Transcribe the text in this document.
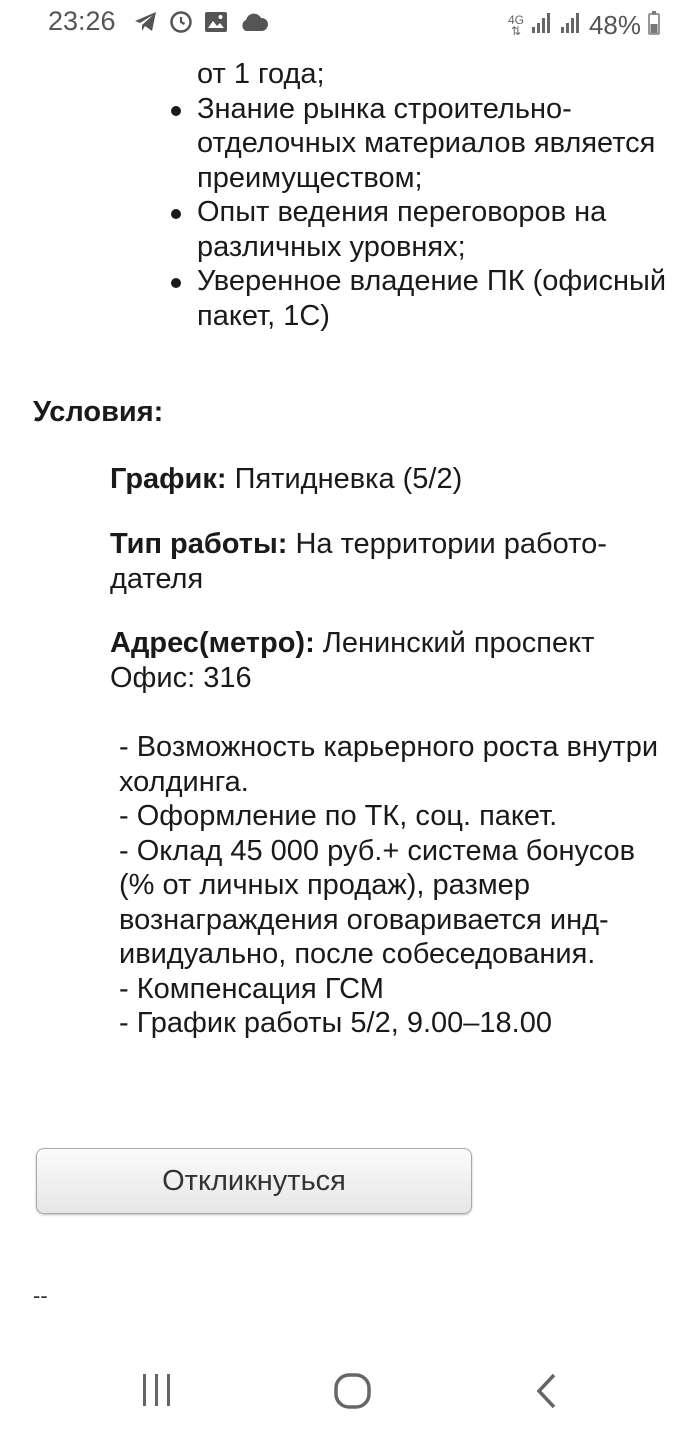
23:26	4G
⇅	48%
от 1 года;
Знание рынка строительно-отделочных материалов является преимуществом;
Опыт ведения переговоров на различных уровнях;
Уверенное владение ПК (офисный пакет, 1С)
Условия:
График: Пятидневка (5/2)
Тип работы: На территории работо-дателя
Адрес(метро): Ленинский проспект
Офис: 316
- Возможность карьерного роста внутри холдинга.
- Оформление по ТК, соц. пакет.
- Оклад 45 000 руб.+ система бонусов (% от личных продаж), размер вознаграждения оговаривается инд-ивидуально, после собеседования.
- Компенсация ГСМ
- График работы 5/2, 9.00–18.00
Откликнуться
--
